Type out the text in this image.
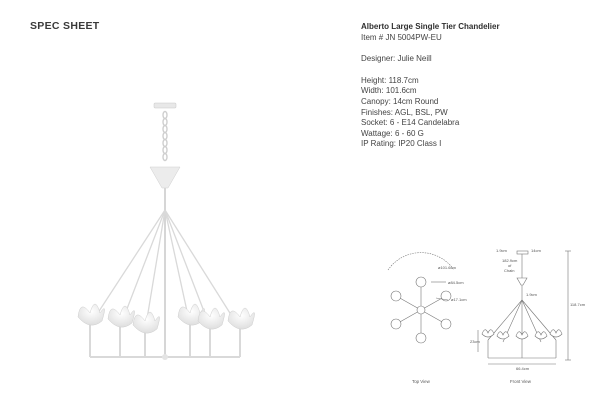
SPEC SHEET	Alberto Large Single Tier Chandelier
Item # JN 5004PW-EU
Designer: Julie Neill
Height: 118.7cm
Width: 101.6cm
Canopy: 14cm Round
Finishes: AGL, BSL, PW
Socket: 6 - E14 Candelabra
Wattage: 6 - 60 G
IP Rating: IP20 Class I
ø101.6cm
ø84.5cm
ø17.1cm
1.9cm	14cm
182.9cm
of
Chain
1.9cm
118.7cm
23cm
66.4cm
Top View	Front View
